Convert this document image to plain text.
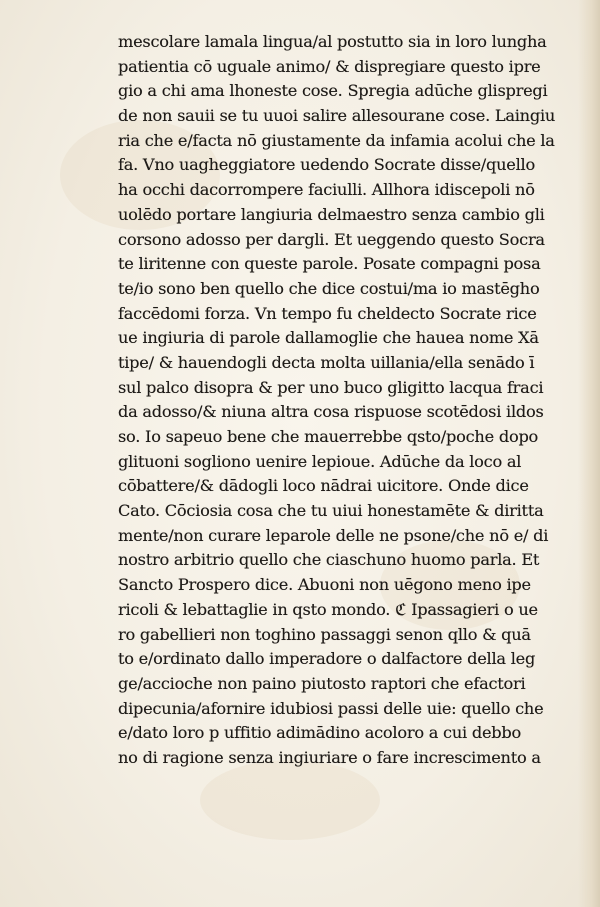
mescolare lamala lingua/al postutto sia in loro lungha
patientia cō uguale animo/ & dispregiare questo ipre
gio a chi ama lhoneste cose. Spregia adūche glispregi
de non sauii se tu uuoi salire allesourane cose. Laingiu
ria che e/facta nō giustamente da infamia acolui che la
fa. Vno uagheggiatore uedendo Socrate disse/quello
ha occhi dacorrompere faciulli. Allhora idiscepoli nō
uolēdo portare langiuria delmaestro senza cambio gli
corsono adosso per dargli. Et ueggendo questo Socra
te liritenne con queste parole. Posate compagni posa
te/io sono ben quello che dice costui/ma io mastēgho
faccēdomi forza. Vn tempo fu cheldecto Socrate rice
ue ingiuria di parole dallamoglie che hauea nome Xā
tipe/ & hauendogli decta molta uillania/ella senādo ī
sul palco disopra & per uno buco gligitto lacqua fraci
da adosso/& niuna altra cosa rispuose scotēdosi ildos
so. Io sapeuo bene che mauerrebbe qsto/poche dopo
glituoni sogliono uenire lepioue. Adūche da loco al
cōbattere/& dādogli loco nādrai uicitore. Onde dice
Cato. Cōciosia cosa che tu uiui honestamēte & diritta
mente/non curare leparole delle ne psone/che nō e/ di
nostro arbitrio quello che ciaschuno huomo parla. Et
Sancto Prospero dice. Abuoni non uēgono meno ipe
ricoli & lebattaglie in qsto mondo. ℭ Ipassagieri o ue
ro gabellieri non toghino passaggi senon qllo & quā
to e/ordinato dallo imperadore o dalfactore della leg
ge/accioche non paino piutosto raptori che efactori
dipecunia/afornire idubiosi passi delle uie: quello che
e/dato loro p uffitio adimādino acoloro a cui debbo
no di ragione senza ingiuriare o fare increscimento a
